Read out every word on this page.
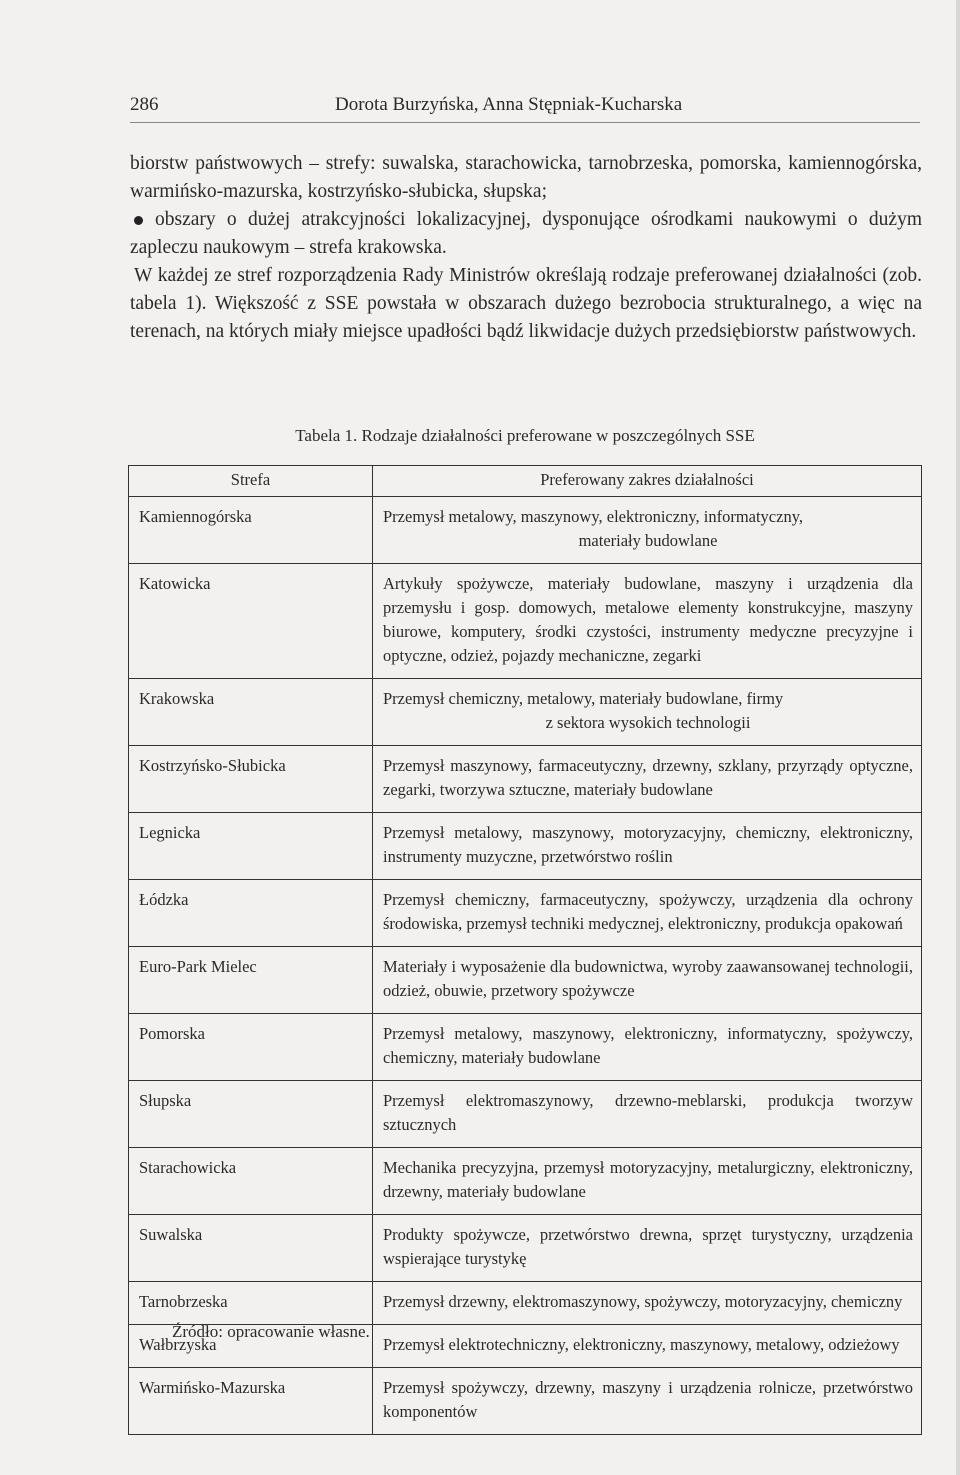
286	Dorota Burzyńska, Anna Stępniak-Kucharska

biorstw państwowych – strefy: suwalska, starachowicka, tarnobrzeska, pomorska, kamiennogórska, warmińsko-mazurska, kostrzyńsko-słubicka, słupska;

obszary o dużej atrakcyjności lokalizacyjnej, dysponujące ośrodkami naukowymi o dużym zapleczu naukowym – strefa krakowska.

W każdej ze stref rozporządzenia Rady Ministrów określają rodzaje preferowanej działalności (zob. tabela 1). Większość z SSE powstała w obszarach dużego bezrobocia strukturalnego, a więc na terenach, na których miały miejsce upadłości bądź likwidacje dużych przedsiębiorstw państwowych.

Tabela 1. Rodzaje działalności preferowane w poszczególnych SSE
Strefa	Preferowany zakres działalności
Kamiennogórska	Przemysł metalowy, maszynowy, elektroniczny, informatyczny,
materiały budowlane

Katowicka	Artykuły spożywcze, materiały budowlane, maszyny i urządzenia dla przemysłu i gosp. domowych, metalowe elementy konstrukcyjne, maszyny biurowe, komputery, środki czystości, instrumenty medyczne precyzyjne i optyczne, odzież, pojazdy mechaniczne, zegarki
Krakowska	Przemysł chemiczny, metalowy, materiały budowlane, firmy
z sektora wysokich technologii

Kostrzyńsko-Słubicka	Przemysł maszynowy, farmaceutyczny, drzewny, szklany, przyrządy optyczne, zegarki, tworzywa sztuczne, materiały budowlane
Legnicka	Przemysł metalowy, maszynowy, motoryzacyjny, chemiczny, elektroniczny, instrumenty muzyczne, przetwórstwo roślin
Łódzka	Przemysł chemiczny, farmaceutyczny, spożywczy, urządzenia dla ochrony środowiska, przemysł techniki medycznej, elektroniczny, produkcja opakowań
Euro-Park Mielec	Materiały i wyposażenie dla budownictwa, wyroby zaawansowanej technologii, odzież, obuwie, przetwory spożywcze
Pomorska	Przemysł metalowy, maszynowy, elektroniczny, informatyczny, spożywczy, chemiczny, materiały budowlane
Słupska	Przemysł elektromaszynowy, drzewno-meblarski, produkcja tworzyw sztucznych
Starachowicka	Mechanika precyzyjna, przemysł motoryzacyjny, metalurgiczny, elektroniczny, drzewny, materiały budowlane
Suwalska	Produkty spożywcze, przetwórstwo drewna, sprzęt turystyczny, urządzenia wspierające turystykę
Tarnobrzeska	Przemysł drzewny, elektromaszynowy, spożywczy, motoryzacyjny, chemiczny
Wałbrzyska	Przemysł elektrotechniczny, elektroniczny, maszynowy, metalowy, odzieżowy
Warmińsko-Mazurska	Przemysł spożywczy, drzewny, maszyny i urządzenia rolnicze, przetwórstwo komponentów
Źródło: opracowanie własne.
